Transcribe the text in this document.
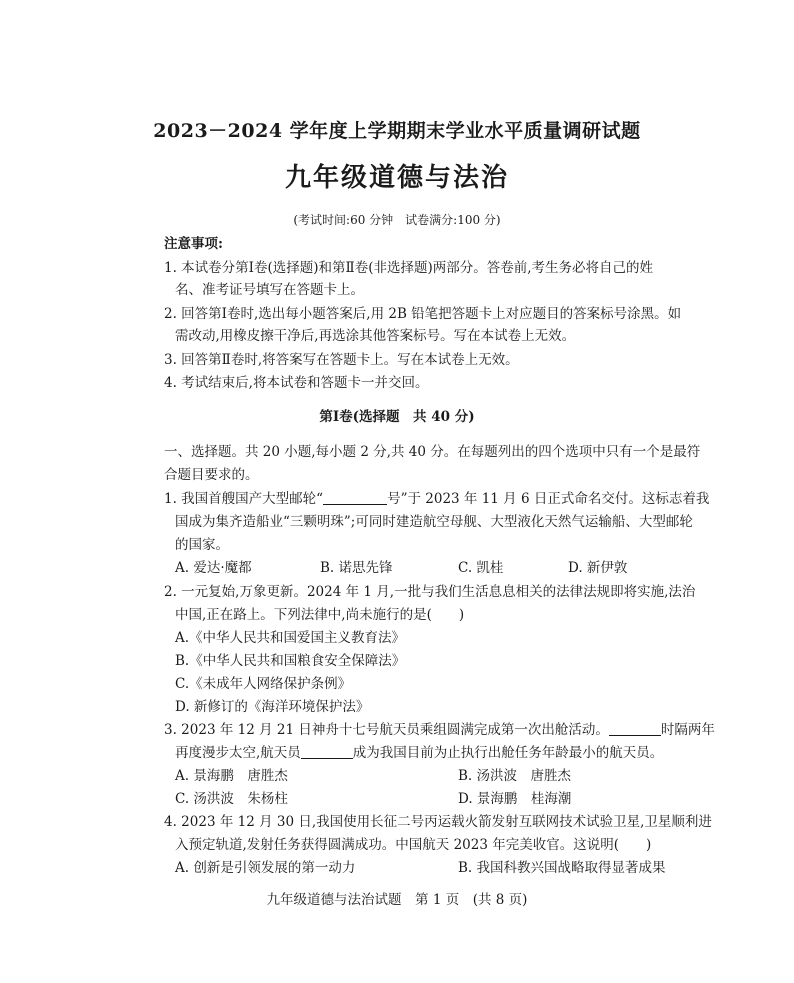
2023－2024 学年度上学期期末学业水平质量调研试题
九年级道德与法治
(考试时间:60 分钟　试卷满分:100 分)
注意事项:
1. 本试卷分第Ⅰ卷(选择题)和第Ⅱ卷(非选择题)两部分。答卷前,考生务必将自己的姓
名、准考证号填写在答题卡上。
2. 回答第Ⅰ卷时,选出每小题答案后,用 2B 铅笔把答题卡上对应题目的答案标号涂黑。如
需改动,用橡皮擦干净后,再选涂其他答案标号。写在本试卷上无效。
3. 回答第Ⅱ卷时,将答案写在答题卡上。写在本试卷上无效。
4. 考试结束后,将本试卷和答题卡一并交回。
第Ⅰ卷(选择题　共 40 分)
一、选择题。共 20 小题,每小题 2 分,共 40 分。在每题列出的四个选项中只有一个是最符
合题目要求的。
1. 我国首艘国产大型邮轮“	号”于 2023 年 11 月 6 日正式命名交付。这标志着我
国成为集齐造船业“三颗明珠”;可同时建造航空母舰、大型液化天然气运输船、大型邮轮
的国家。
A. 爱达·魔都	B. 诺思先锋	C. 凯桂	D. 新伊敦
2. 一元复始,万象更新。2024 年 1 月,一批与我们生活息息相关的法律法规即将实施,法治
中国,正在路上。下列法律中,尚未施行的是(　　)
A.《中华人民共和国爱国主义教育法》
B.《中华人民共和国粮食安全保障法》
C.《未成年人网络保护条例》
D. 新修订的《海洋环境保护法》
3. 2023 年 12 月 21 日神舟十七号航天员乘组圆满完成第一次出舱活动。	时隔两年
再度漫步太空,航天员	成为我国目前为止执行出舱任务年龄最小的航天员。
A. 景海鹏　唐胜杰	B. 汤洪波　唐胜杰
C. 汤洪波　朱杨柱	D. 景海鹏　桂海潮
4. 2023 年 12 月 30 日,我国使用长征二号丙运载火箭发射互联网技术试验卫星,卫星顺利进
入预定轨道,发射任务获得圆满成功。中国航天 2023 年完美收官。这说明(　　)
A. 创新是引领发展的第一动力	B. 我国科教兴国战略取得显著成果
九年级道德与法治试题　第 1 页　(共 8 页)
